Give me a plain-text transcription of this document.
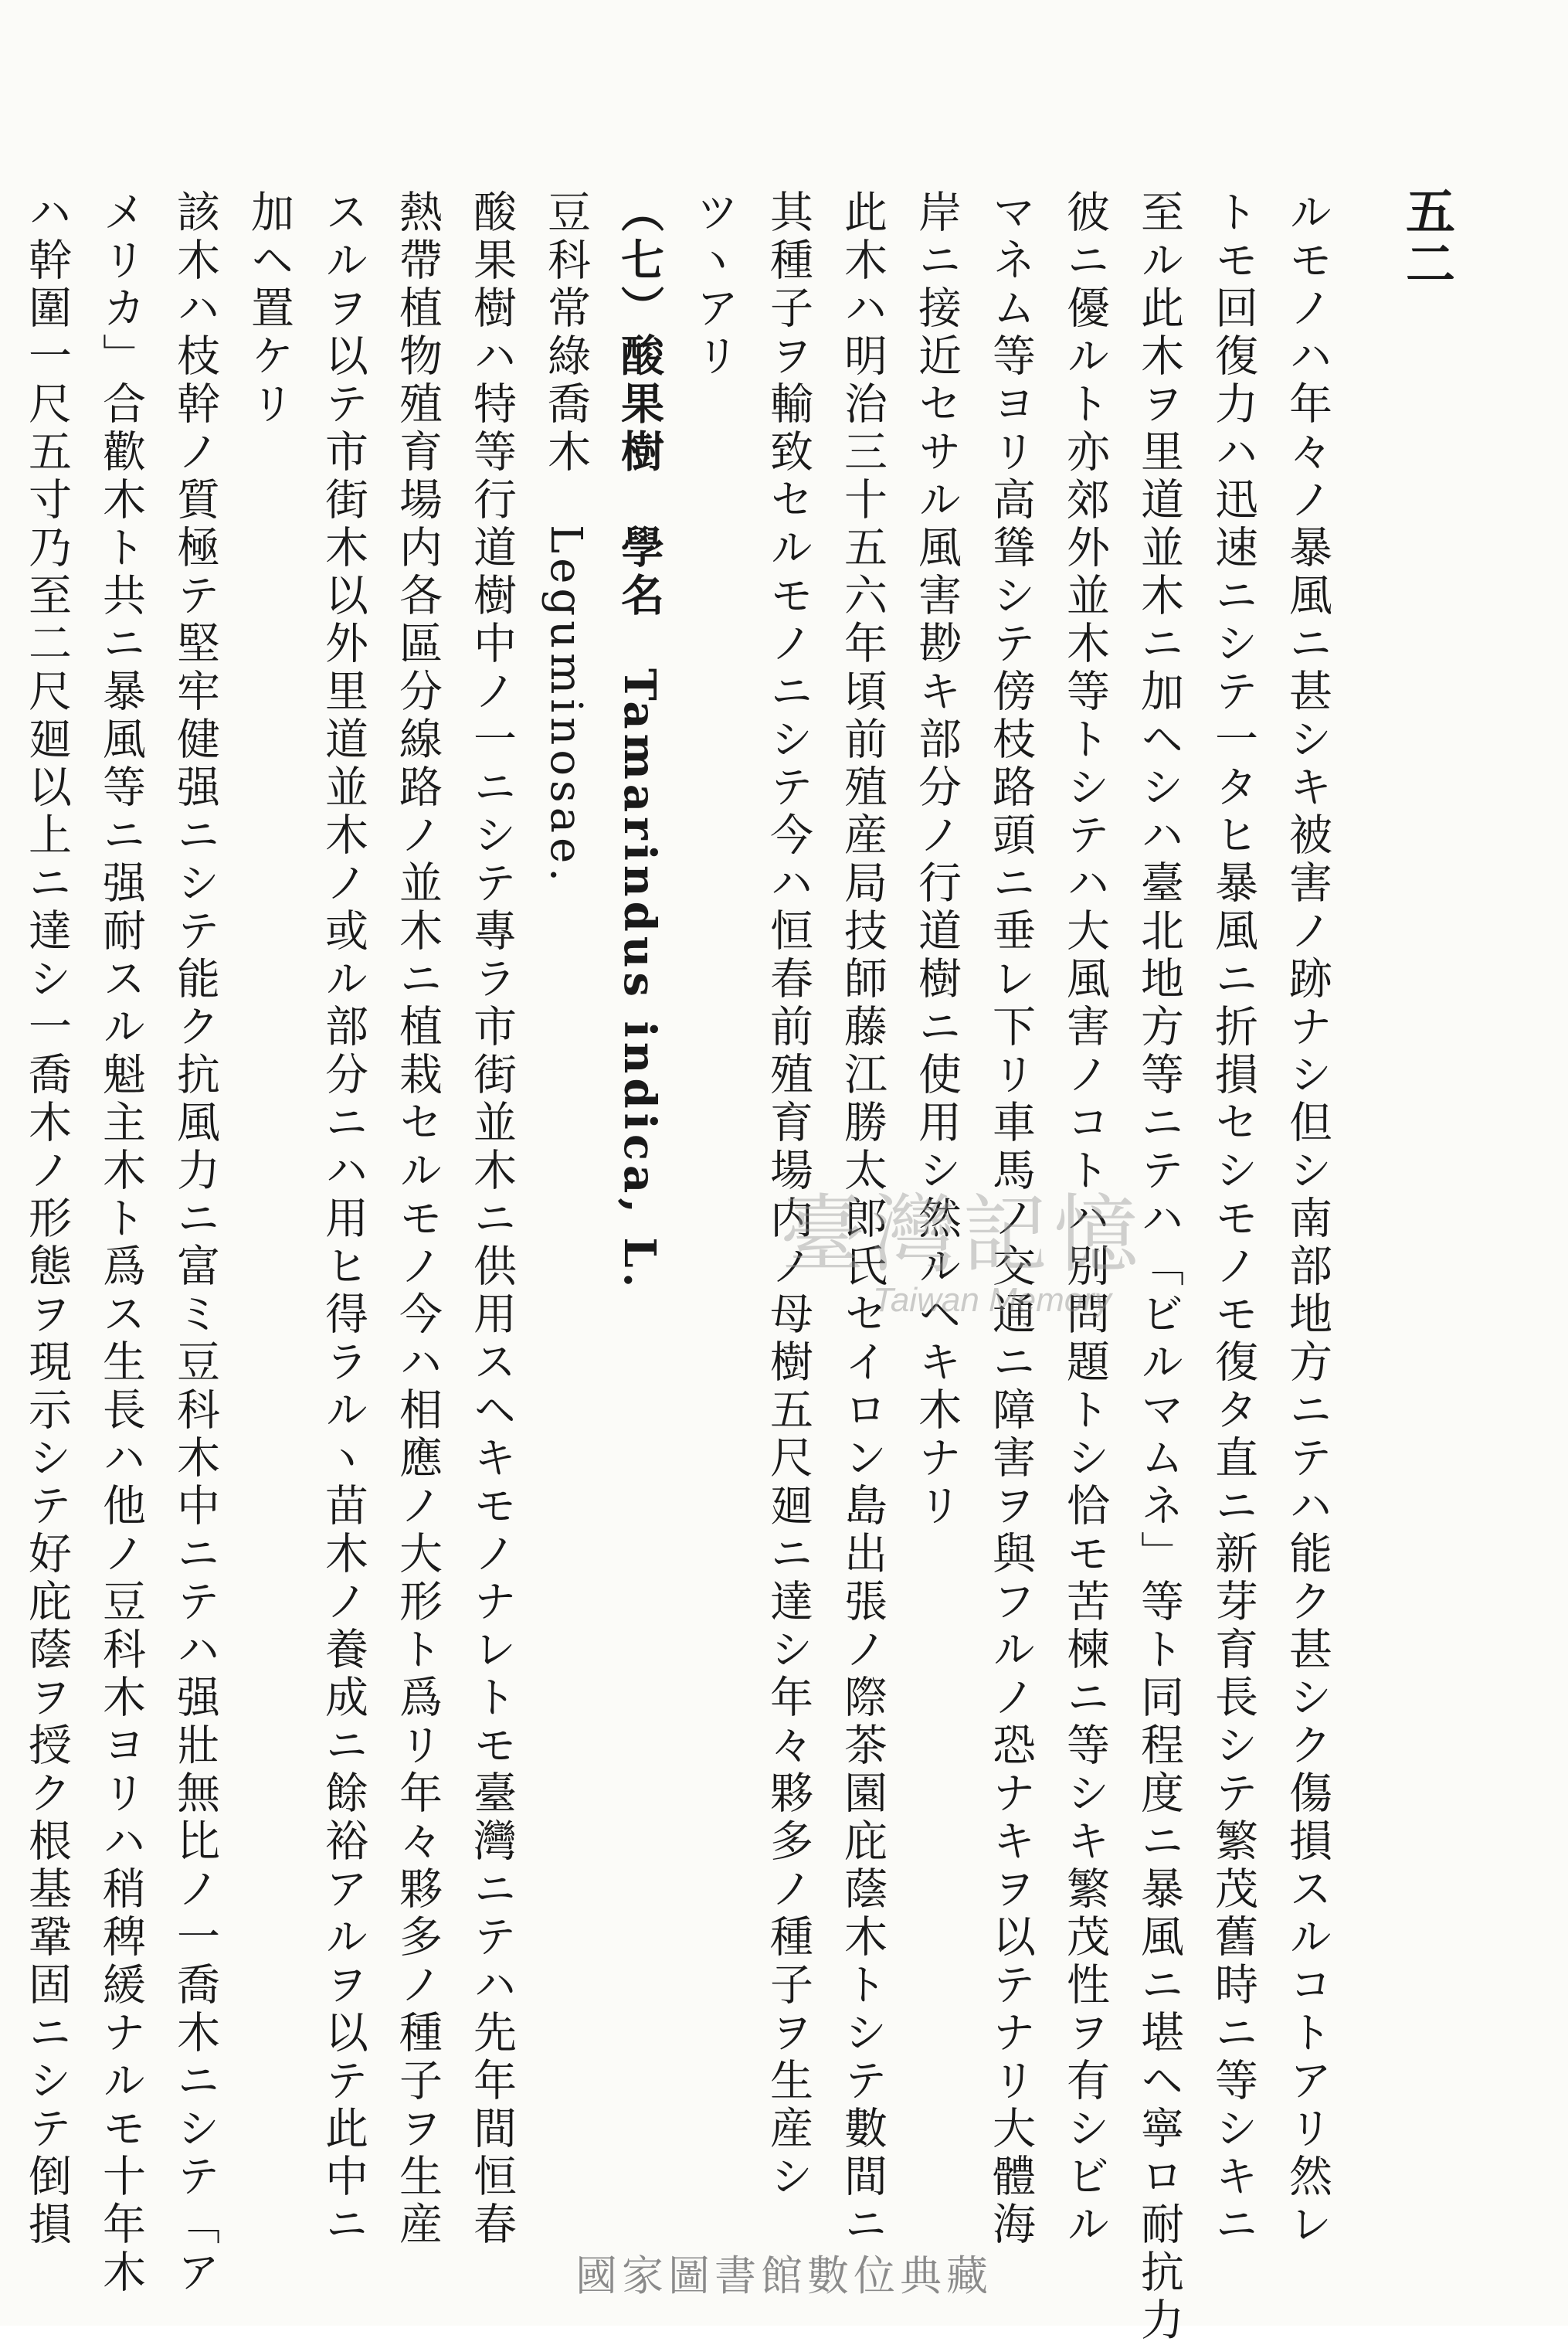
五二
ルモノハ年々ノ暴風ニ甚シキ被害ノ跡ナシ但シ南部地方ニテハ能ク甚シク傷損スルコトアリ然レ
トモ回復力ハ迅速ニシテ一タヒ暴風ニ折損セシモノモ復タ直ニ新芽育長シテ繁茂舊時ニ等シキニ
至ル此木ヲ里道並木ニ加ヘシハ臺北地方等ニテハ「ビルマムネ」等ト同程度ニ暴風ニ堪ヘ寧ロ耐抗力
彼ニ優ルト亦郊外並木等トシテハ大風害ノコトハ別問題トシ恰モ苦楝ニ等シキ繁茂性ヲ有シビル
マネム等ヨリ高聳シテ傍枝路頭ニ垂レ下リ車馬ノ交通ニ障害ヲ與フルノ恐ナキヲ以テナリ大體海
岸ニ接近セサル風害尠キ部分ノ行道樹ニ使用シ然ルヘキ木ナリ
此木ハ明治三十五六年頃前殖産局技師藤江勝太郎氏セイロン島出張ノ際茶園庇蔭木トシテ數間ニ
其種子ヲ輸致セルモノニシテ今ハ恒春前殖育場内ノ母樹五尺廻ニ達シ年々夥多ノ種子ヲ生産シ
ツヽアリ
（七）酸果樹　學名　Tamarindus indica, L.
豆科常綠喬木　Leguminosae.
酸果樹ハ特等行道樹中ノ一ニシテ專ラ市街並木ニ供用スヘキモノナレトモ臺灣ニテハ先年間恒春
熱帶植物殖育場内各區分線路ノ並木ニ植栽セルモノ今ハ相應ノ大形ト爲リ年々夥多ノ種子ヲ生産
スルヲ以テ市街木以外里道並木ノ或ル部分ニハ用ヒ得ラルヽ苗木ノ養成ニ餘裕アルヲ以テ此中ニ
加ヘ置ケリ
該木ハ枝幹ノ質極テ堅牢健强ニシテ能ク抗風力ニ富ミ豆科木中ニテハ强壯無比ノ一喬木ニシテ「ア
メリカ」合歡木ト共ニ暴風等ニ强耐スル魁主木ト爲ス生長ハ他ノ豆科木ヨリハ稍稗緩ナルモ十年木
ハ幹圍一尺五寸乃至二尺廻以上ニ達シ一喬木ノ形態ヲ現示シテ好庇蔭ヲ授ク根基鞏固ニシテ倒損	臺灣記憶
Taiwan Memory
國家圖書館數位典藏
